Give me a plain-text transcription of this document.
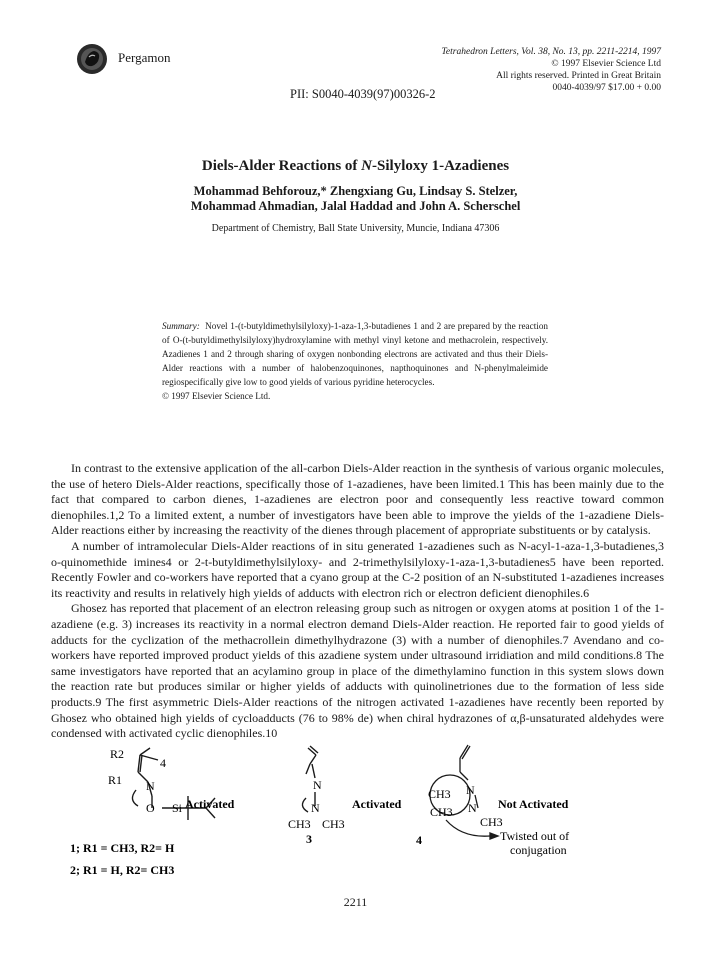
Pergamon	Tetrahedron Letters, Vol. 38, No. 13, pp. 2211-2214, 1997
© 1997 Elsevier Science Ltd
All rights reserved. Printed in Great Britain
0040-4039/97 $17.00 + 0.00
PII: S0040-4039(97)00326-2
Diels-Alder Reactions of N-Silyloxy 1-Azadienes
Mohammad Behforouz,* Zhengxiang Gu, Lindsay S. Stelzer,
Mohammad Ahmadian, Jalal Haddad and John A. Scherschel
Department of Chemistry, Ball State University, Muncie, Indiana 47306

Summary: Novel 1-(t-butyldimethylsilyloxy)-1-aza-1,3-butadienes 1 and 2 are prepared by the reaction of O-(t-butyldimethylsilyloxy)hydroxylamine with methyl vinyl ketone and methacrolein, respectively. Azadienes 1 and 2 through sharing of oxygen nonbonding electrons are activated and thus their Diels-Alder reactions with a number of halobenzoquinones, napthoquinones and N-phenylmaleimide regiospecifically give low to good yields of various pyridine heterocycles.

© 1997 Elsevier Science Ltd.

In contrast to the extensive application of the all-carbon Diels-Alder reaction in the synthesis of various organic molecules, the use of hetero Diels-Alder reactions, specifically those of 1-azadienes, have been limited.1 This has been mainly due to the fact that compared to carbon dienes, 1-azadienes are electron poor and consequently less reactive toward common dienophiles.1,2 To a limited extent, a number of investigators have been able to improve the yields of the 1-azadiene Diels-Alder reactions either by increasing the reactivity of the dienes through placement of appropriate substituents or by catalysis.

A number of intramolecular Diels-Alder reactions of in situ generated 1-azadienes such as N-acyl-1-aza-1,3-butadienes,3 o-quinomethide imines4 or 2-t-butyldimethylsilyloxy- and 2-trimethylsilyloxy-1-aza-1,3-butadienes5 have been reported. Recently Fowler and co-workers have reported that a cyano group at the C-2 position of an N-substituted 1-azadienes increases its reactivity and results in relatively high yields of adducts with electron rich or electron deficient dienophiles.6

Ghosez has reported that placement of an electron releasing group such as nitrogen or oxygen atoms at position 1 of the 1-azadiene (e.g. 3) increases its reactivity in a normal electron demand Diels-Alder reaction. He reported fair to good yields of adducts for the cyclization of the methacrollein dimethylhydrazone (3) with a number of dienophiles.7 Avendano and co-workers have reported improved product yields of this azadiene system under ultrasound irridiation and mild conditions.8 The same investigators have reported that an acylamino group in place of the dimethylamino function in this system slows down the reaction rate but produces similar or higher yields of adducts with quinolinetriones due to the formation of less side products.9 The first asymmetric Diels-Alder reactions of the nitrogen activated 1-azadienes have recently been reported by Ghosez who obtained high yields of cycloadducts (76 to 98% de) when chiral hydrazones of α,β-unsaturated aldehydes were condensed with activated cyclic dienophiles.10

R2
4
R1 N
O Si Activated
1; R1 = CH3, R2= H
2; R1 = H, R2= CH3
N
N
CH3 CH3
Activated
3
CH3
CH3
N
N
CH3
Not Activated
4	Twisted out of
conjugation
2211
